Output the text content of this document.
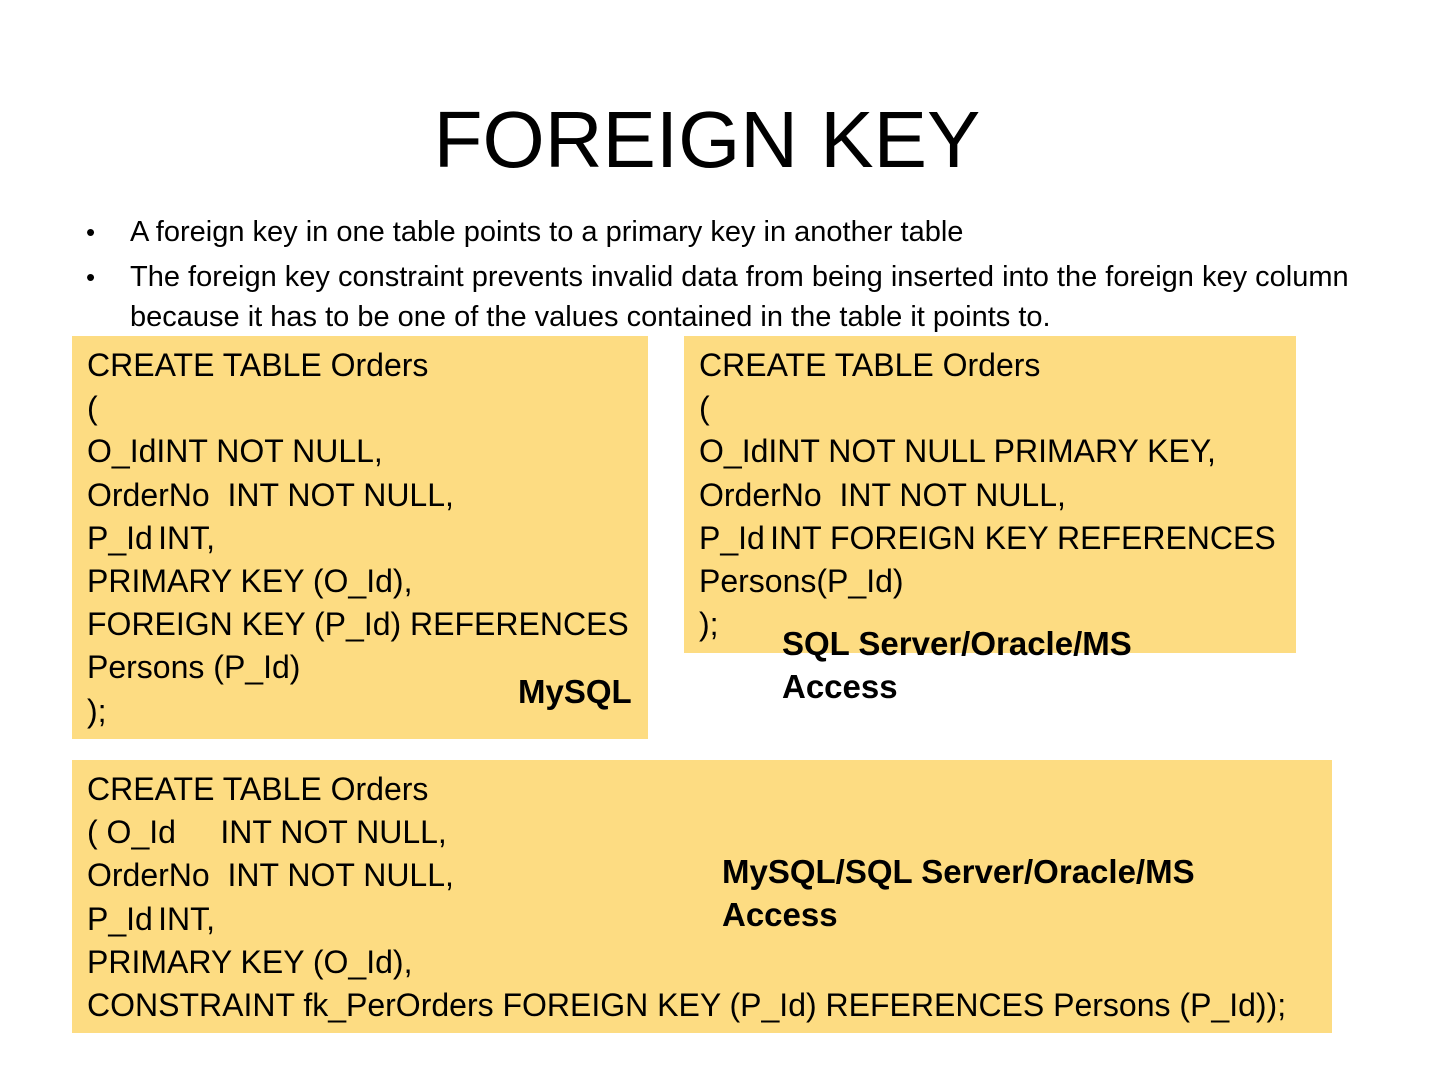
FOREIGN KEY
• A foreign key in one table points to a primary key in another table
• The foreign key constraint prevents invalid data from being inserted into the foreign key column because it has to be one of the values contained in the table it points to.
CREATE TABLE Orders
(
O_IdINT NOT NULL,
OrderNo  INT NOT NULL,
P_Id	INT,
PRIMARY KEY (O_Id),
FOREIGN KEY (P_Id) REFERENCES
Persons (P_Id)
);
CREATE TABLE Orders
(
O_IdINT NOT NULL PRIMARY KEY,
OrderNo  INT NOT NULL,
P_Id	INT FOREIGN KEY REFERENCES
Persons(P_Id)
);
CREATE TABLE Orders
( O_Id     INT NOT NULL,
OrderNo  INT NOT NULL,
P_Id	INT,
PRIMARY KEY (O_Id),
CONSTRAINT fk_PerOrders FOREIGN KEY (P_Id) REFERENCES Persons (P_Id));
MySQL
SQL Server/Oracle/MS
Access
MySQL/SQL Server/Oracle/MS
Access
